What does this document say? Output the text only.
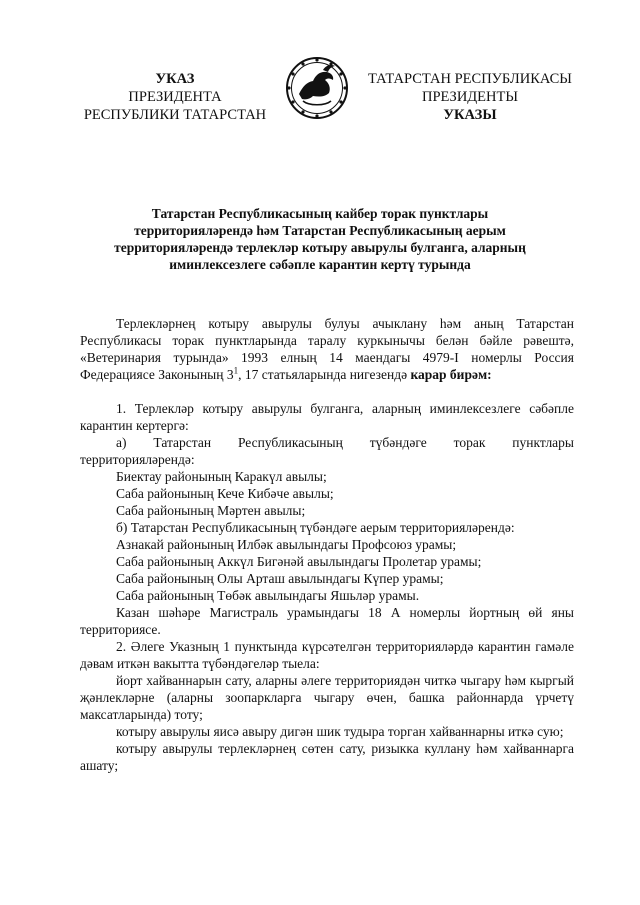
УКАЗ
ПРЕЗИДЕНТА
РЕСПУБЛИКИ ТАТАРСТАН
ТАТАРСТАН РЕСПУБЛИКАСЫ
ПРЕЗИДЕНТЫ
УКАЗЫ
Татарстан Республикасының кайбер торак пунктлары
территорияләрендә һәм Татарстан Республикасының аерым
территорияләрендә терлекләр котыру авырулы булганга, аларның
иминлексезлеге сәбәпле карантин кертү турында

Терлекләрнең котыру авырулы булуы ачыклану һәм аның Татарстан Республикасы торак пунктларында таралу куркынычы белән бәйле рәвештә, «Ветеринария турында» 1993 елның 14 маендагы 4979-I номерлы Россия Федерациясе Законының $3^1$, 17 статьяларында нигезендә карар бирәм:

1. Терлекләр котыру авырулы булганга, аларның иминлексезлеге сәбәпле карантин кертергә:

а) Татарстан Республикасының түбәндәге торак пунктлары территорияләрендә:

Биектау районының Каракүл авылы;

Саба районының Кече Кибәче авылы;

Саба районының Мәртен авылы;

б) Татарстан Республикасының түбәндәге аерым территорияләрендә:

Азнакай районының Илбәк авылындагы Профсоюз урамы;

Саба районының Аккүл Бигәнәй авылындагы Пролетар урамы;

Саба районының Олы Арташ авылындагы Күпер урамы;

Саба районының Төбәк авылындагы Яшьләр урамы.

Казан шәһәре Магистраль урамындагы 18 А номерлы йортның өй яны территориясе.

2. Әлеге Указның 1 пунктында күрсәтелгән территорияләрдә карантин гамәле дәвам иткән вакытта түбәндәгеләр тыела:

йорт хайваннарын сату, аларны әлеге территориядән читкә чыгару һәм кыргый җәнлекләрне (аларны зоопаркларга чыгару өчен, башка районнарда үрчетү максатларында) тоту;

котыру авырулы яисә авыру дигән шик тудыра торган хайваннарны иткә сую;

котыру авырулы терлекләрнең сөтен сату, ризыкка куллану һәм хайваннарга ашату;
